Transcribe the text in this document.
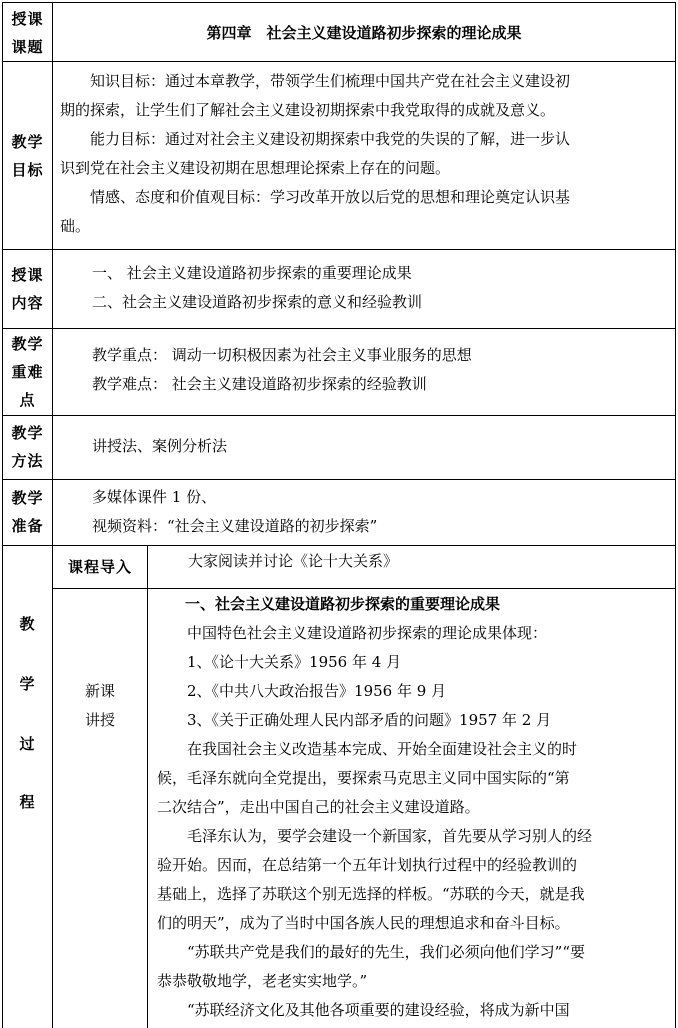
授课
课题
第四章　社会主义建设道路初步探索的理论成果
教学
目标
知识目标：通过本章教学，带领学生们梳理中国共产党在社会主义建设初
期的探索，让学生们了解社会主义建设初期探索中我党取得的成就及意义。
能力目标：通过对社会主义建设初期探索中我党的失误的了解，进一步认
识到党在社会主义建设初期在思想理论探索上存在的问题。
情感、态度和价值观目标：学习改革开放以后党的思想和理论奠定认识基
础。
授课
内容
一、 社会主义建设道路初步探索的重要理论成果
二、社会主义建设道路初步探索的意义和经验教训
教学
重难
点
教学重点： 调动一切积极因素为社会主义事业服务的思想
教学难点： 社会主义建设道路初步探索的经验教训
教学
方法
讲授法、案例分析法
教学
准备
多媒体课件 1 份、
视频资料：“社会主义建设道路的初步探索”
教
学
过
程
课程导入	大家阅读并讨论《论十大关系》
新课
讲授
一、社会主义建设道路初步探索的重要理论成果
中国特色社会主义建设道路初步探索的理论成果体现：
1、《论十大关系》1956 年 4 月
2、《中共八大政治报告》1956 年 9 月
3、《关于正确处理人民内部矛盾的问题》1957 年 2 月
在我国社会主义改造基本完成、开始全面建设社会主义的时
候，毛泽东就向全党提出，要探索马克思主义同中国实际的“第
二次结合”，走出中国自己的社会主义建设道路。
毛泽东认为，要学会建设一个新国家，首先要从学习别人的经
验开始。因而，在总结第一个五年计划执行过程中的经验教训的
基础上，选择了苏联这个别无选择的样板。“苏联的今天，就是我
们的明天”，成为了当时中国各族人民的理想追求和奋斗目标。
“苏联共产党是我们的最好的先生，我们必须向他们学习”“要
恭恭敬敬地学，老老实实地学。”
“苏联经济文化及其他各项重要的建设经验，将成为新中国
